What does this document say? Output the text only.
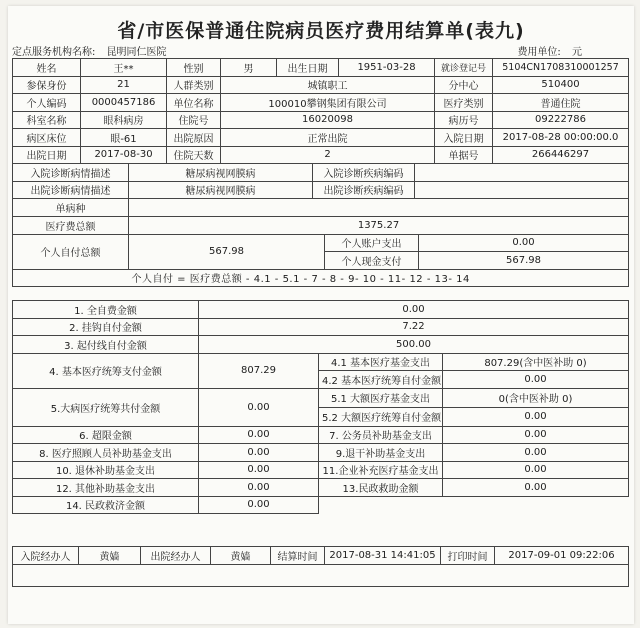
省/市医保普通住院病员医疗费用结算单(表九)
定点服务机构名称: 昆明同仁医院	费用单位: 元
姓名	王**	性别	男	出生日期	1951-03-28	就诊登记号	5104CN1708310001257
参保身份	21	人群类别	城镇职工			分中心	510400
个人编码	0000457186	单位名称	100010攀钢集团有限公司			医疗类别	普通住院
科室名称	眼科病房	住院号	16020098			病历号	09222786
病区床位	眼-61	出院原因	正常出院			入院日期	2017-08-28 00:00:00.0
出院日期	2017-08-30	住院天数	2			单据号	266446297
入院诊断病情描述	糖尿病视网膜病	入院诊断疾病编码	
出院诊断病情描述	糖尿病视网膜病	出院诊断疾病编码	
单病种			
医疗费总额	1375.27		
个人自付总额	567.98	个人账户支出	0.00
		个人现金支付	567.98
	个人自付 = 医疗费总额 - 4.1 - 5.1 - 7 - 8 - 9- 10 - 11- 12 - 13- 14		
1. 全自费金额	0.00		
2. 挂钩自付金额	7.22		
3. 起付线自付金额	500.00		
4. 基本医疗统筹支付金额	807.29	4.1 基本医疗基金支出	807.29(含中医补助 0)
		4.2 基本医疗统筹自付金额	0.00
5.大病医疗统筹共付金额	0.00	5.1 大额医疗基金支出	0(含中医补助 0)
		5.2 大额医疗统筹自付金额	0.00
6. 超限金额	0.00	7. 公务员补助基金支出	0.00
8. 医疗照顾人员补助基金支出	0.00	9.退干补助基金支出	0.00
10. 退休补助基金支出	0.00	11.企业补充医疗基金支出	0.00
12. 其他补助基金支出	0.00	13.民政救助金额	0.00
14. 民政救济金额	0.00		
入院经办人	黄嫱	出院经办人	黄嫱	结算时间	2017-08-31 14:41:05	打印时间	2017-09-01 09:22:06
